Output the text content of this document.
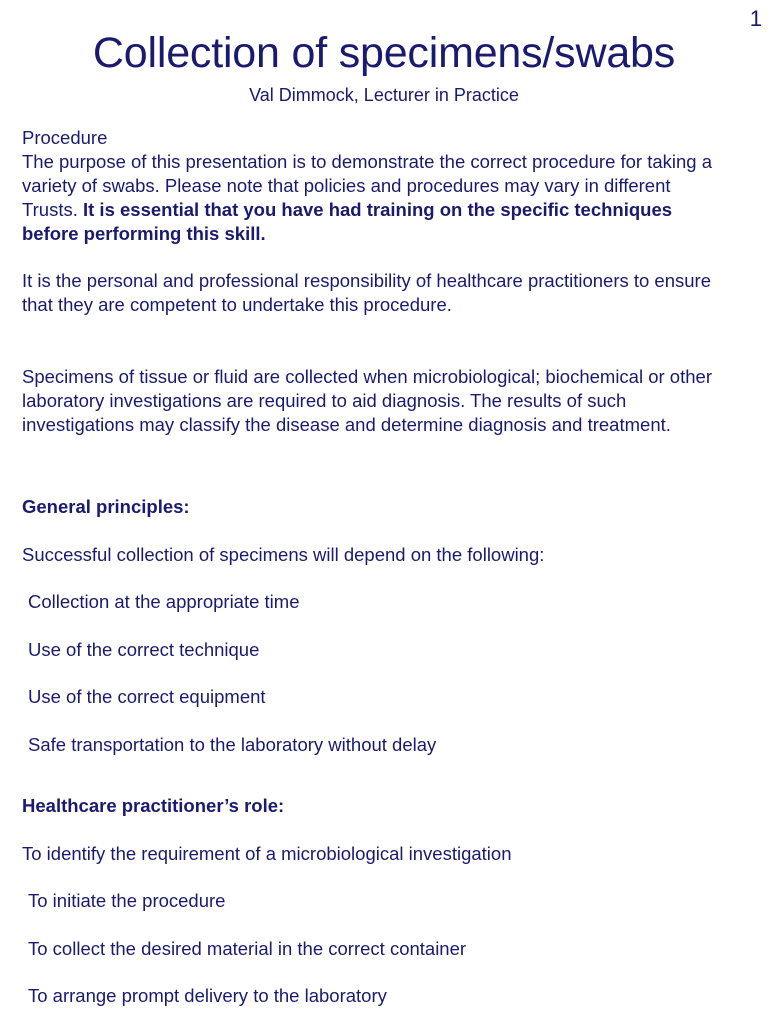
1
Collection of specimens/swabs
Val Dimmock, Lecturer in Practice
Procedure
The purpose of this presentation is to demonstrate the correct procedure for taking a variety of swabs. Please note that policies and procedures may vary in different Trusts. It is essential that you have had training on the specific techniques before performing this skill.
It is the personal and professional responsibility of healthcare practitioners to ensure that they are competent to undertake this procedure.
Specimens of tissue or fluid are collected when microbiological; biochemical or other laboratory investigations are required to aid diagnosis. The results of such investigations may classify the disease and determine diagnosis and treatment.
General principles:
Successful collection of specimens will depend on the following:
Collection at the appropriate time
Use of the correct technique
Use of the correct equipment
Safe transportation to the laboratory without delay
Healthcare practitioner’s role:
To identify the requirement of a microbiological investigation
To initiate the procedure
To collect the desired material in the correct container
To arrange prompt delivery to the laboratory
